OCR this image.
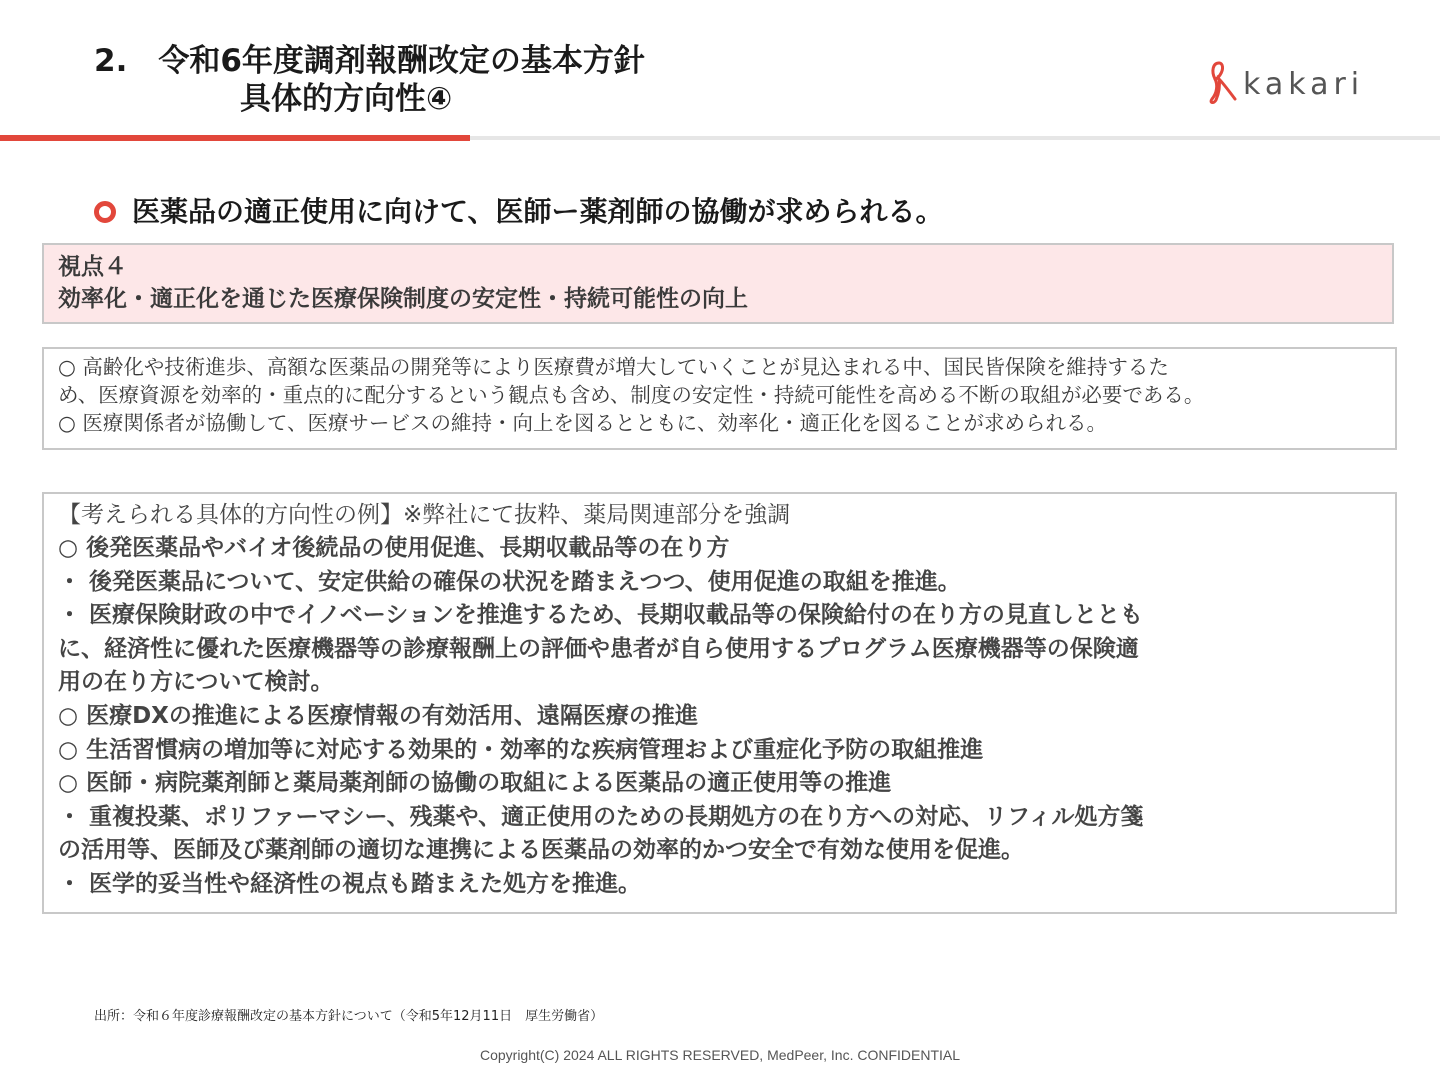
2.　令和6年度調剤報酬改定の基本方針
具体的方向性④	kakari
医薬品の適正使用に向けて、医師ー薬剤師の協働が求められる。
視点４
効率化・適正化を通じた医療保険制度の安定性・持続可能性の向上
○ 高齢化や技術進歩、高額な医薬品の開発等により医療費が増大していくことが見込まれる中、国民皆保険を維持するた
め、医療資源を効率的・重点的に配分するという観点も含め、制度の安定性・持続可能性を高める不断の取組が必要である。
○ 医療関係者が協働して、医療サービスの維持・向上を図るとともに、効率化・適正化を図ることが求められる。
【考えられる具体的方向性の例】※弊社にて抜粋、薬局関連部分を強調
○ 後発医薬品やバイオ後続品の使用促進、長期収載品等の在り方
・ 後発医薬品について、安定供給の確保の状況を踏まえつつ、使用促進の取組を推進。
・ 医療保険財政の中でイノベーションを推進するため、長期収載品等の保険給付の在り方の見直しととも
に、経済性に優れた医療機器等の診療報酬上の評価や患者が自ら使用するプログラム医療機器等の保険適
用の在り方について検討。
○ 医療DXの推進による医療情報の有効活用、遠隔医療の推進
○ 生活習慣病の増加等に対応する効果的・効率的な疾病管理および重症化予防の取組推進
○ 医師・病院薬剤師と薬局薬剤師の協働の取組による医薬品の適正使用等の推進
・ 重複投薬、ポリファーマシー、残薬や、適正使用のための長期処方の在り方への対応、リフィル処方箋
の活用等、医師及び薬剤師の適切な連携による医薬品の効率的かつ安全で有効な使用を促進。
・ 医学的妥当性や経済性の視点も踏まえた処方を推進。
出所：令和６年度診療報酬改定の基本方針について（令和5年12月11日　厚生労働省）
Copyright(C) 2024 ALL RIGHTS RESERVED, MedPeer, Inc. CONFIDENTIAL
